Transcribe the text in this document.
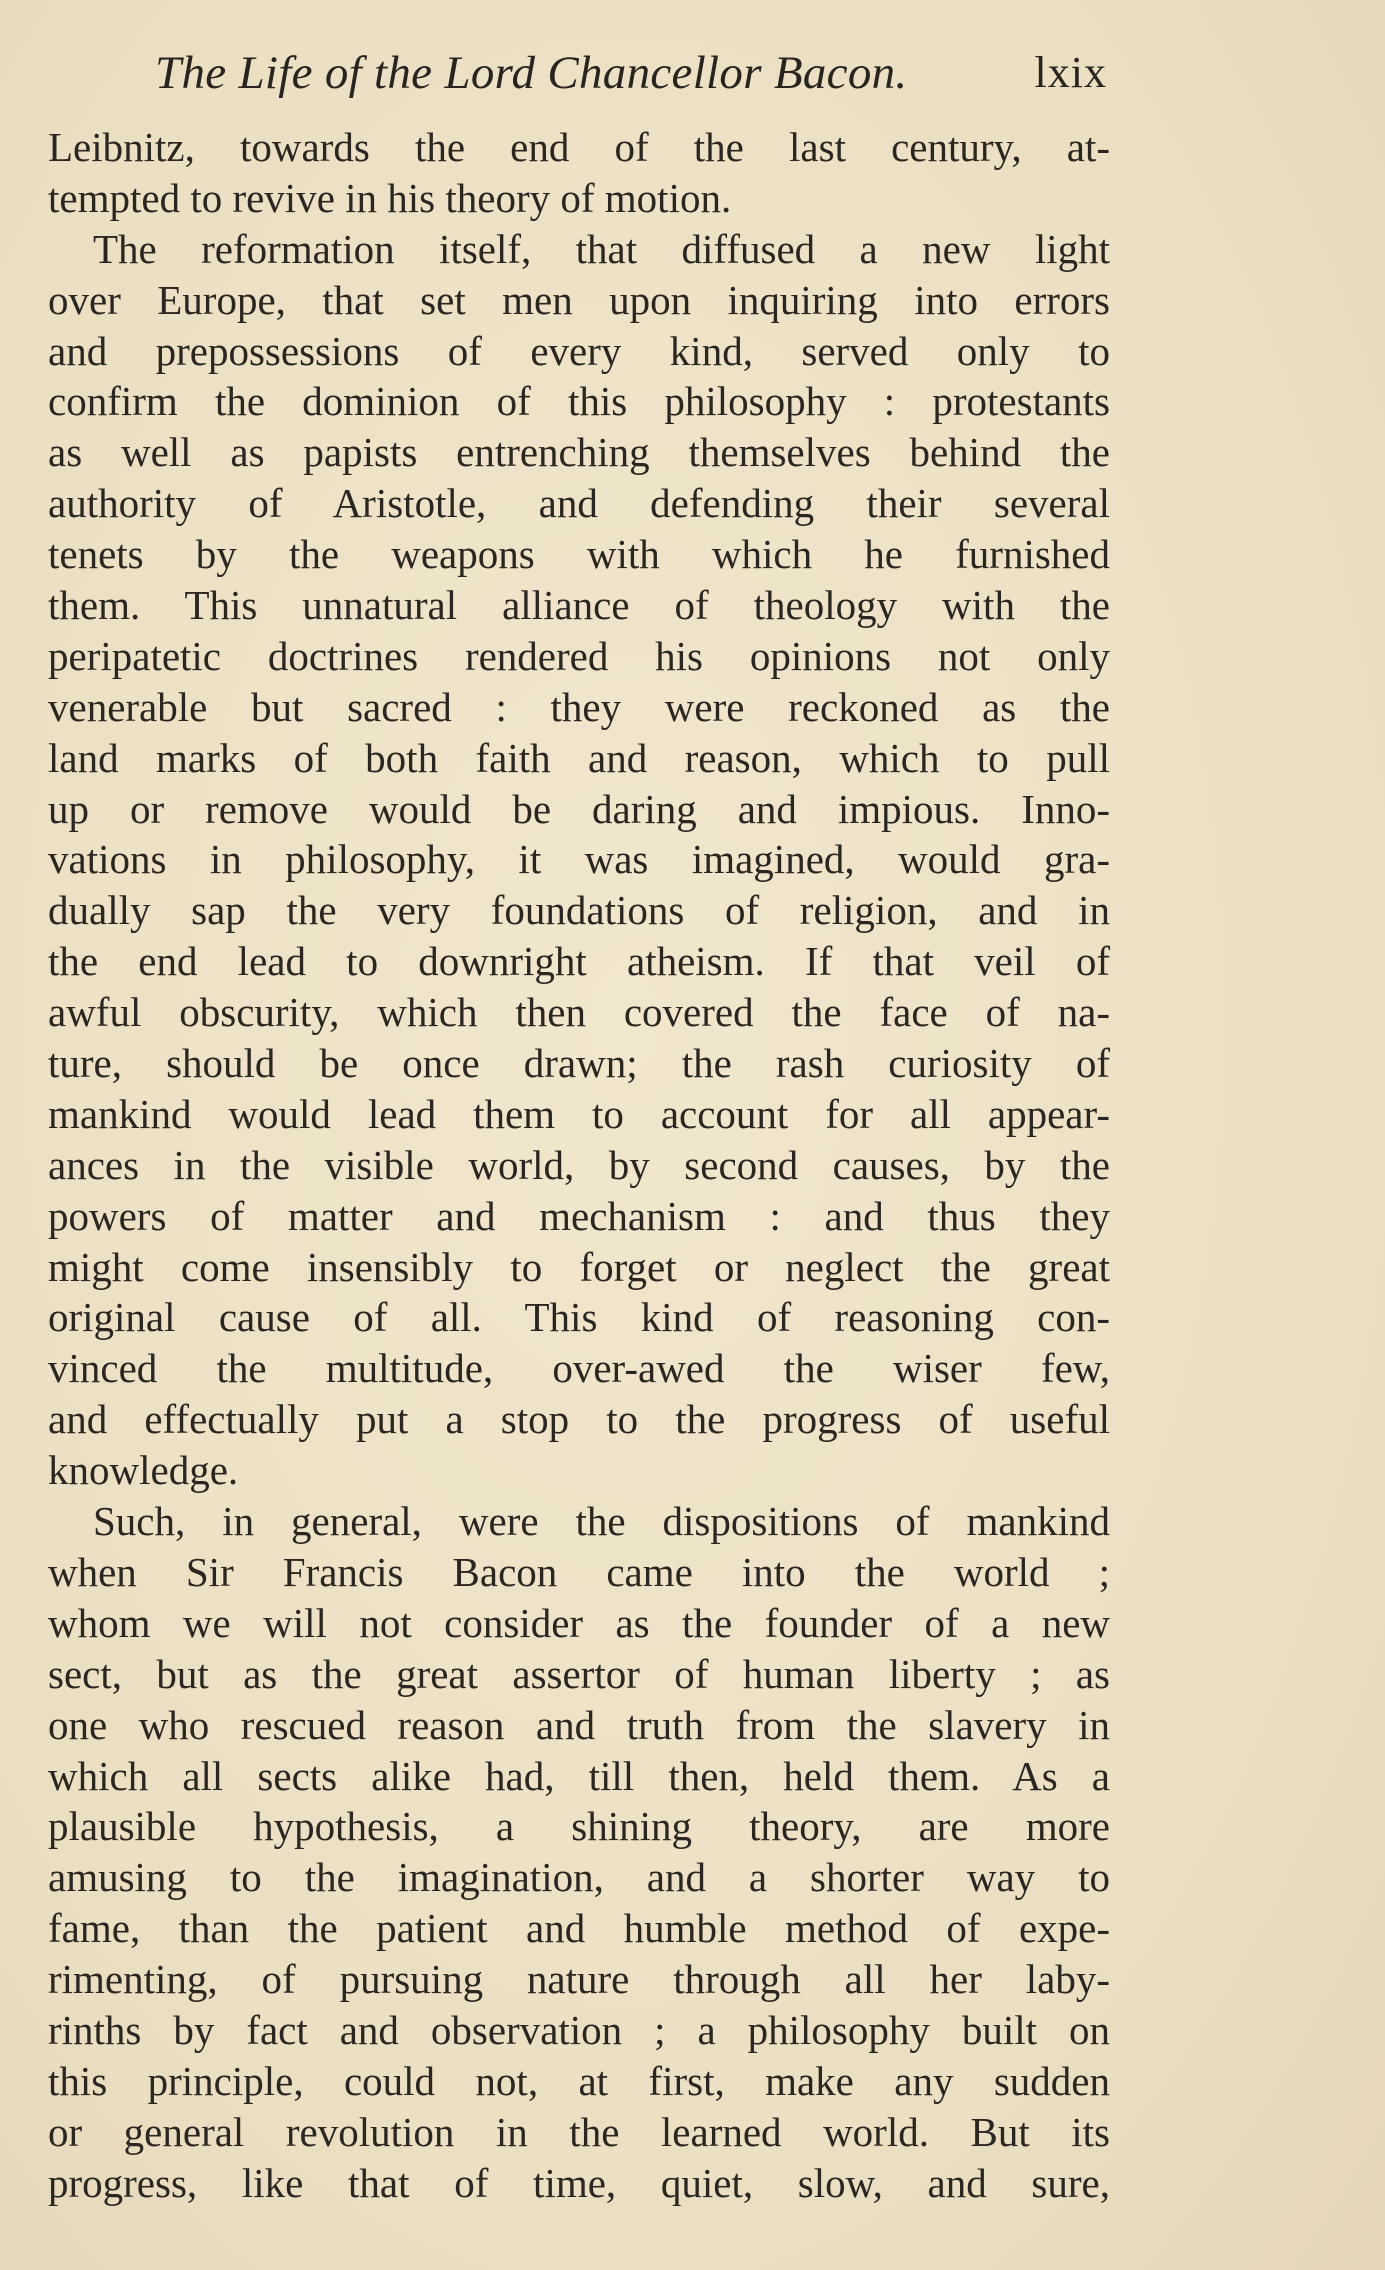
The Life of the Lord Chancellor Bacon.	lxix
Leibnitz, towards the end of the last century, at-
tempted to revive in his theory of motion.
The reformation itself, that diffused a new light
over Europe, that set men upon inquiring into errors
and prepossessions of every kind, served only to
confirm the dominion of this philosophy : protestants
as well as papists entrenching themselves behind the
authority of Aristotle, and defending their several
tenets by the weapons with which he furnished
them. This unnatural alliance of theology with the
peripatetic doctrines rendered his opinions not only
venerable but sacred : they were reckoned as the
land marks of both faith and reason, which to pull
up or remove would be daring and impious. Inno-
vations in philosophy, it was imagined, would gra-
dually sap the very foundations of religion, and in
the end lead to downright atheism. If that veil of
awful obscurity, which then covered the face of na-
ture, should be once drawn; the rash curiosity of
mankind would lead them to account for all appear-
ances in the visible world, by second causes, by the
powers of matter and mechanism : and thus they
might come insensibly to forget or neglect the great
original cause of all. This kind of reasoning con-
vinced the multitude, over-awed the wiser few,
and effectually put a stop to the progress of useful
knowledge.
Such, in general, were the dispositions of mankind
when Sir Francis Bacon came into the world ;
whom we will not consider as the founder of a new
sect, but as the great assertor of human liberty ; as
one who rescued reason and truth from the slavery in
which all sects alike had, till then, held them. As a
plausible hypothesis, a shining theory, are more
amusing to the imagination, and a shorter way to
fame, than the patient and humble method of expe-
rimenting, of pursuing nature through all her laby-
rinths by fact and observation ; a philosophy built on
this principle, could not, at first, make any sudden
or general revolution in the learned world. But its
progress, like that of time, quiet, slow, and sure,
